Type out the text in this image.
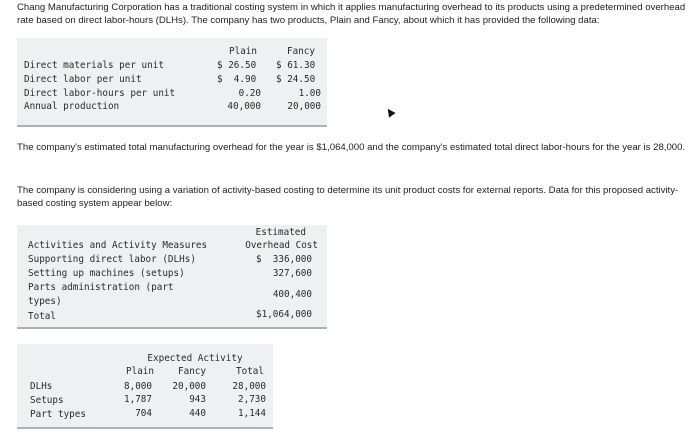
Chang Manufacturing Corporation has a traditional costing system in which it applies manufacturing overhead to its products using a predetermined overhead rate based on direct labor-hours (DLHs). The company has two products, Plain and Fancy, about which it has provided the following data:
Plain	Fancy
Direct materials per unit	$ 26.50 $ 61.30
Direct labor per unit	$  4.90 $ 24.50
Direct labor-hours per unit	0.20	1.00
Annual production	40,000	20,000
The company's estimated total manufacturing overhead for the year is $1,064,000 and the company's estimated total direct labor-hours for the year is 28,000.
The company is considering using a variation of activity-based costing to determine its unit product costs for external reports. Data for this proposed activity-based costing system appear below:
Estimated
Activities and Activity Measures	Overhead Cost
Supporting direct labor (DLHs)	$  336,000
Setting up machines (setups)	327,600
Parts administration (part
types)
400,400
Total	$1,064,000
Expected Activity
Plain	Fancy	Total
DLHs	8,000	20,000	28,000
Setups	1,787	943	2,730
Part types	704	440	1,144
